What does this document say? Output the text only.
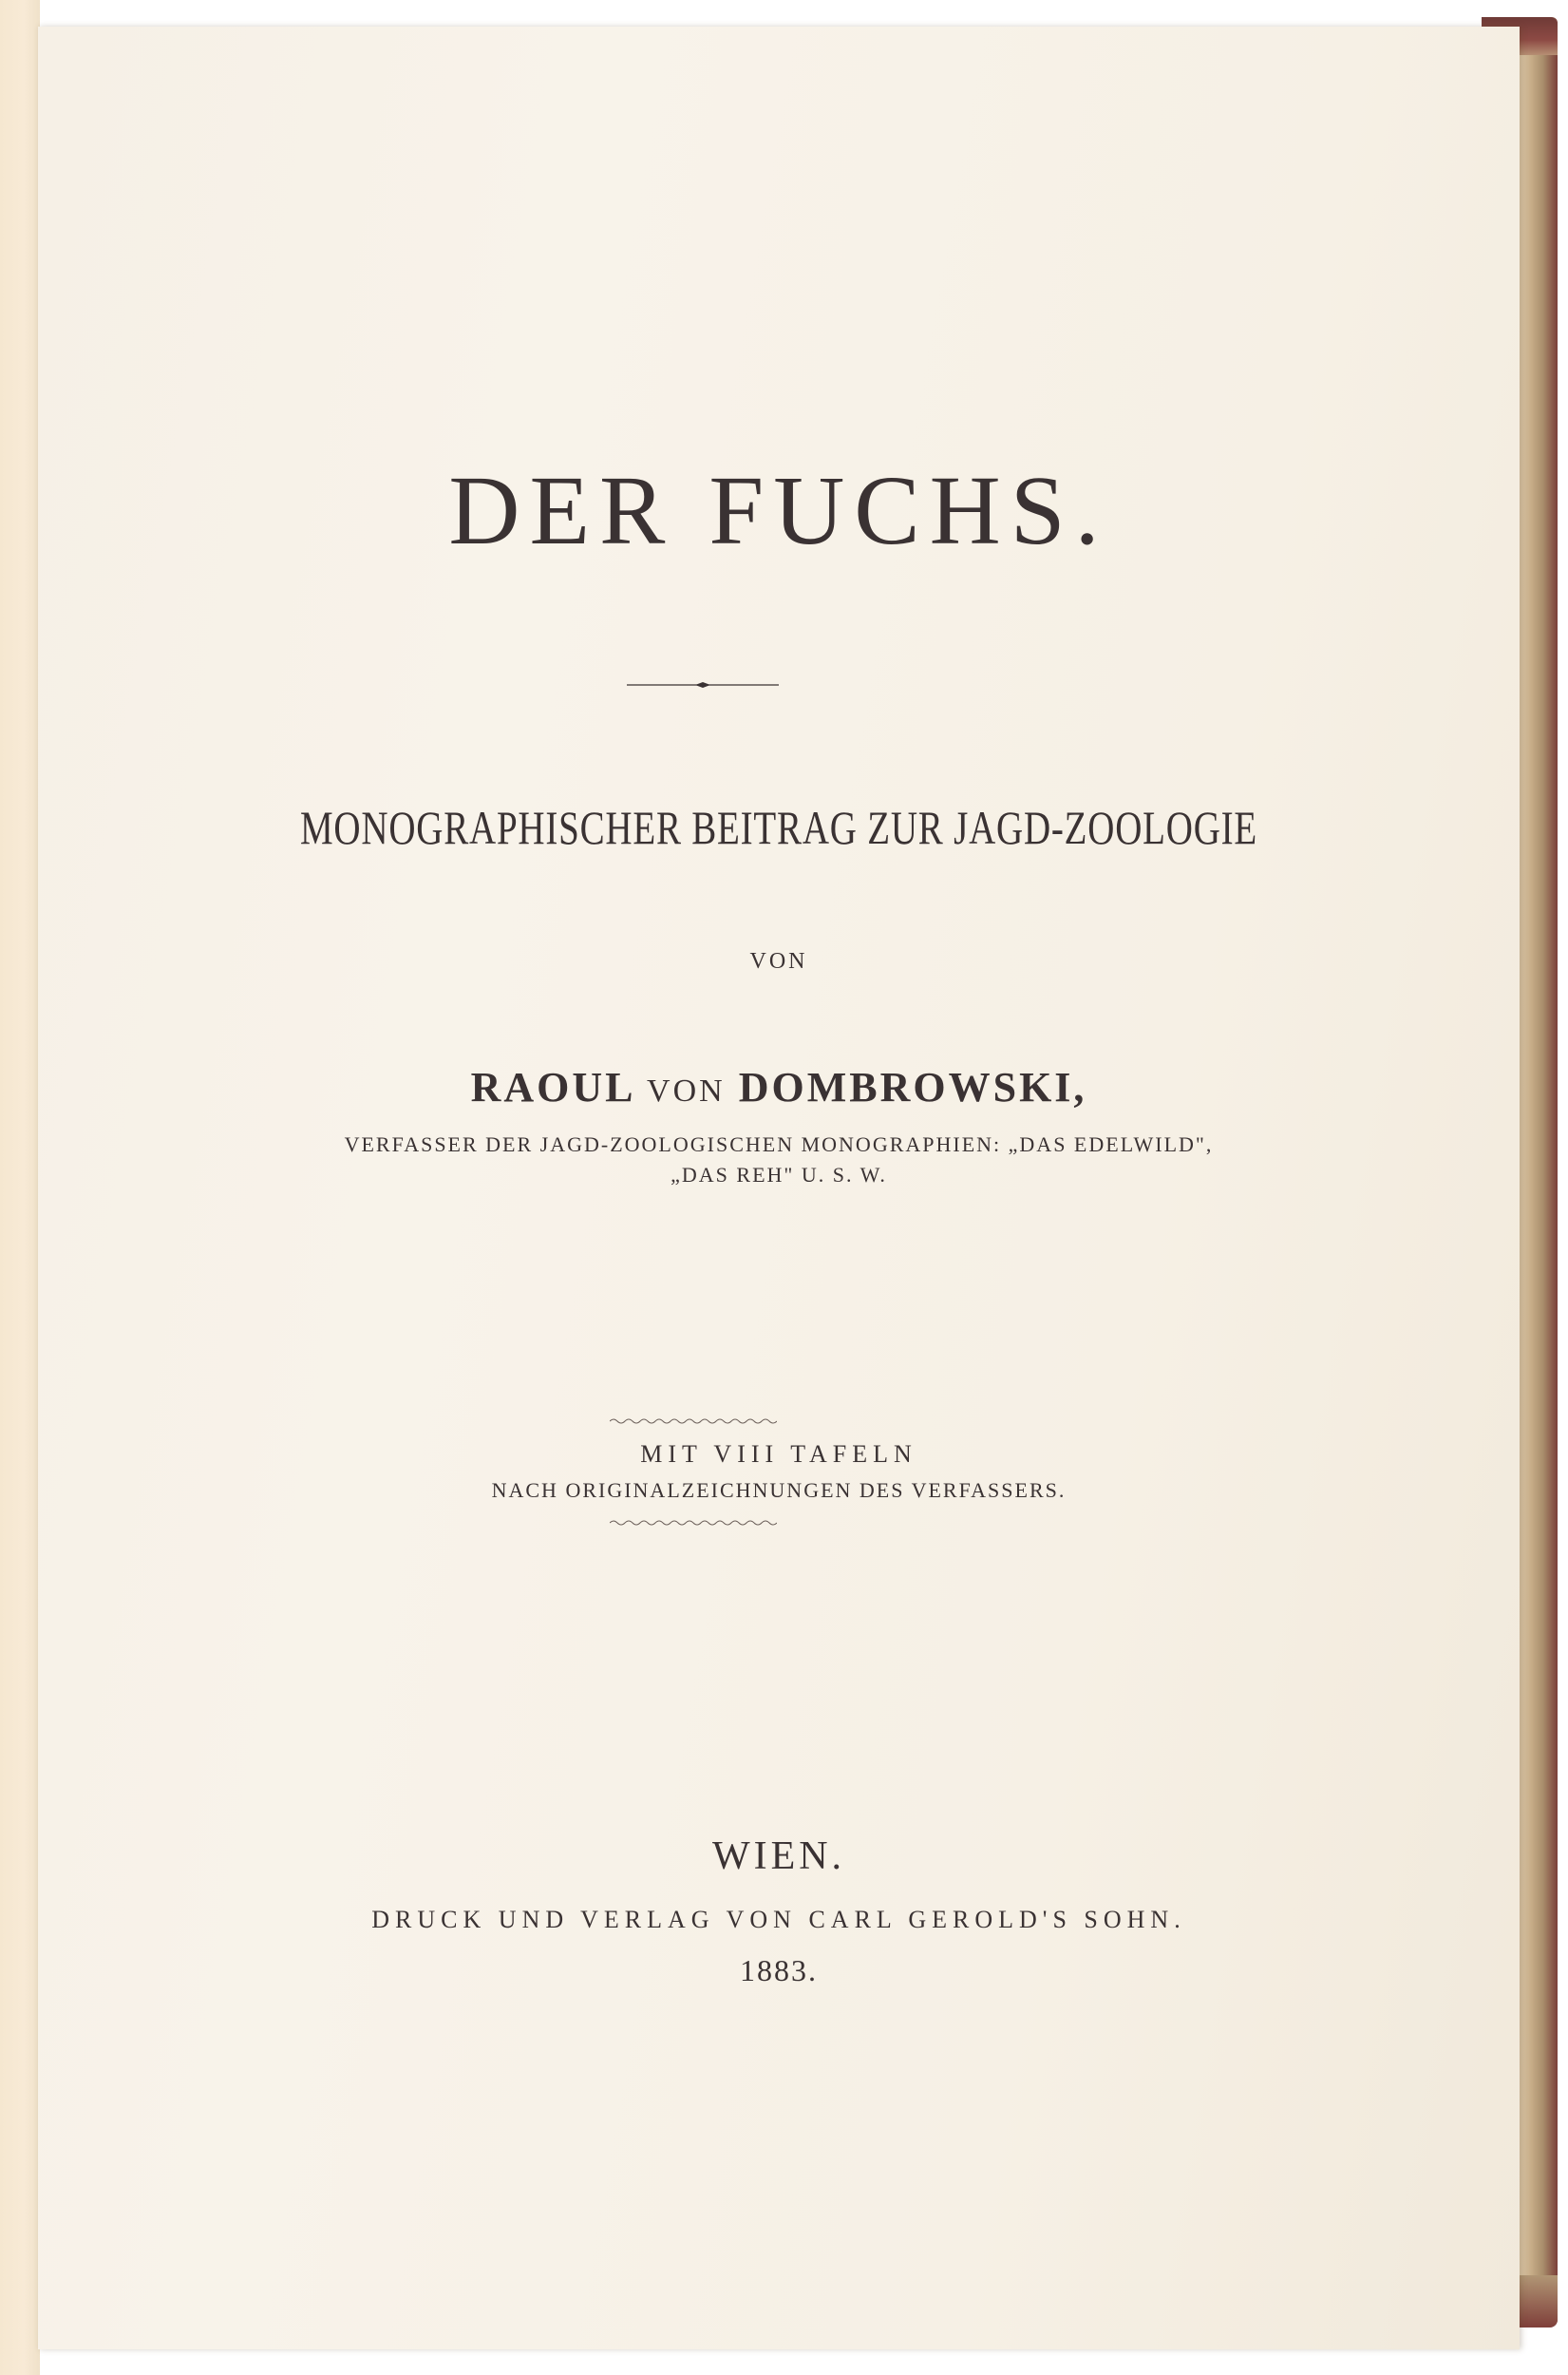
DER FUCHS.
MONOGRAPHISCHER BEITRAG ZUR JAGD-ZOOLOGIE
VON
RAOUL VON DOMBROWSKI,
VERFASSER DER JAGD-ZOOLOGISCHEN MONOGRAPHIEN: „DAS EDELWILD",
„DAS REH" U. S. W.
MIT VIII TAFELN
NACH ORIGINALZEICHNUNGEN DES VERFASSERS.
WIEN.
DRUCK UND VERLAG VON CARL GEROLD'S SOHN.
1883.
